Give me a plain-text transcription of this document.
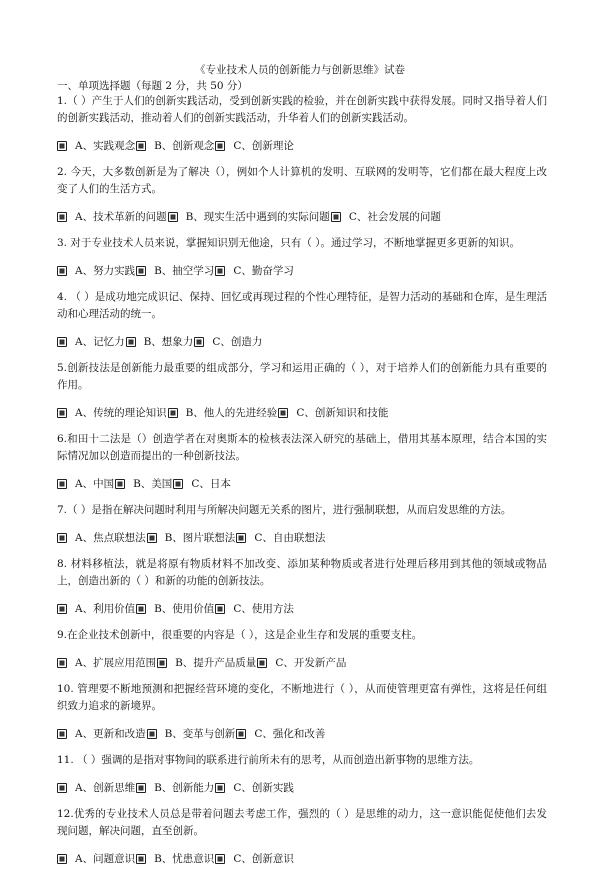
《专业技术人员的创新能力与创新思维》试卷
一、单项选择题（每题 2 分，共 50 分）

1.（ ）产生于人们的创新实践活动，受到创新实践的检验，并在创新实践中获得发展。同时又指导着人们的创新实践活动，推动着人们的创新实践活动，升华着人们的创新实践活动。

A、实践观念 B、创新观念 C、创新理论

2. 今天，大多数创新是为了解决（），例如个人计算机的发明、互联网的发明等，它们都在最大程度上改变了人们的生活方式。

A、技术革新的问题 B、现实生活中遇到的实际问题 C、社会发展的问题

3. 对于专业技术人员来说，掌握知识别无他途，只有（ ）。通过学习，不断地掌握更多更新的知识。

A、努力实践 B、抽空学习 C、勤奋学习

4. （ ）是成功地完成识记、保持、回忆或再现过程的个性心理特征，是智力活动的基础和仓库，是生理活动和心理活动的统一。

A、记忆力 B、想象力 C、创造力

5.创新技法是创新能力最重要的组成部分，学习和运用正确的（ ），对于培养人们的创新能力具有重要的作用。

A、传统的理论知识 B、他人的先进经验 C、创新知识和技能

6.和田十二法是（）创造学者在对奥斯本的检核表法深入研究的基础上，借用其基本原理，结合本国的实际情况加以创造而提出的一种创新技法。

A、中国 B、美国 C、日本

7.（ ）是指在解决问题时利用与所解决问题无关系的图片，进行强制联想，从而启发思维的方法。

A、焦点联想法 B、图片联想法 C、自由联想法

8. 材料移植法，就是将原有物质材料不加改变、添加某种物质或者进行处理后移用到其他的领域或物品上，创造出新的（ ）和新的功能的创新技法。

A、利用价值 B、使用价值 C、使用方法

9.在企业技术创新中，很重要的内容是（ ），这是企业生存和发展的重要支柱。

A、扩展应用范围 B、提升产品质量 C、开发新产品

10. 管理要不断地预测和把握经营环境的变化，不断地进行（ ），从而使管理更富有弹性，这将是任何组织致力追求的新境界。

A、更新和改造 B、变革与创新 C、强化和改善

11. （ ）强调的是指对事物间的联系进行前所未有的思考，从而创造出新事物的思维方法。

A、创新思维 B、创新能力 C、创新实践

12.优秀的专业技术人员总是带着问题去考虑工作，强烈的（ ）是思维的动力，这一意识能促使他们去发现问题，解决问题，直至创新。

A、问题意识 B、忧患意识 C、创新意识
